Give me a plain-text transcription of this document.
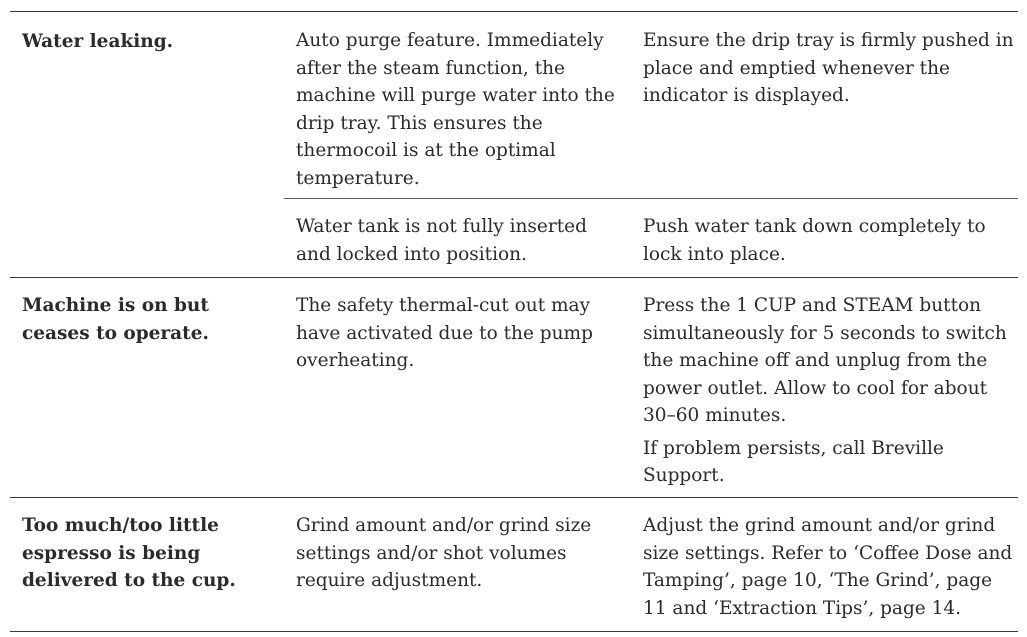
Water leaking.	Auto purge feature. Immediately after the steam function, the machine will purge water into the drip tray. This ensures the thermocoil is at the optimal temperature.
Ensure the drip tray is firmly pushed in place and emptied whenever the indicator is displayed.
Water tank is not fully inserted and locked into position.
Push water tank down completely to lock into place.
Machine is on but ceases to operate.
The safety thermal-cut out may have activated due to the pump overheating.
Press the 1 CUP and STEAM button simultaneously for 5 seconds to switch the machine off and unplug from the power outlet. Allow to cool for about 30–60 minutes.
If problem persists, call Breville Support.
Too much/too little espresso is being delivered to the cup.
Grind amount and/or grind size settings and/or shot volumes require adjustment.
Adjust the grind amount and/or grind size settings. Refer to ‘Coffee Dose and Tamping’, page 10, ‘The Grind’, page 11 and ‘Extraction Tips’, page 14.
